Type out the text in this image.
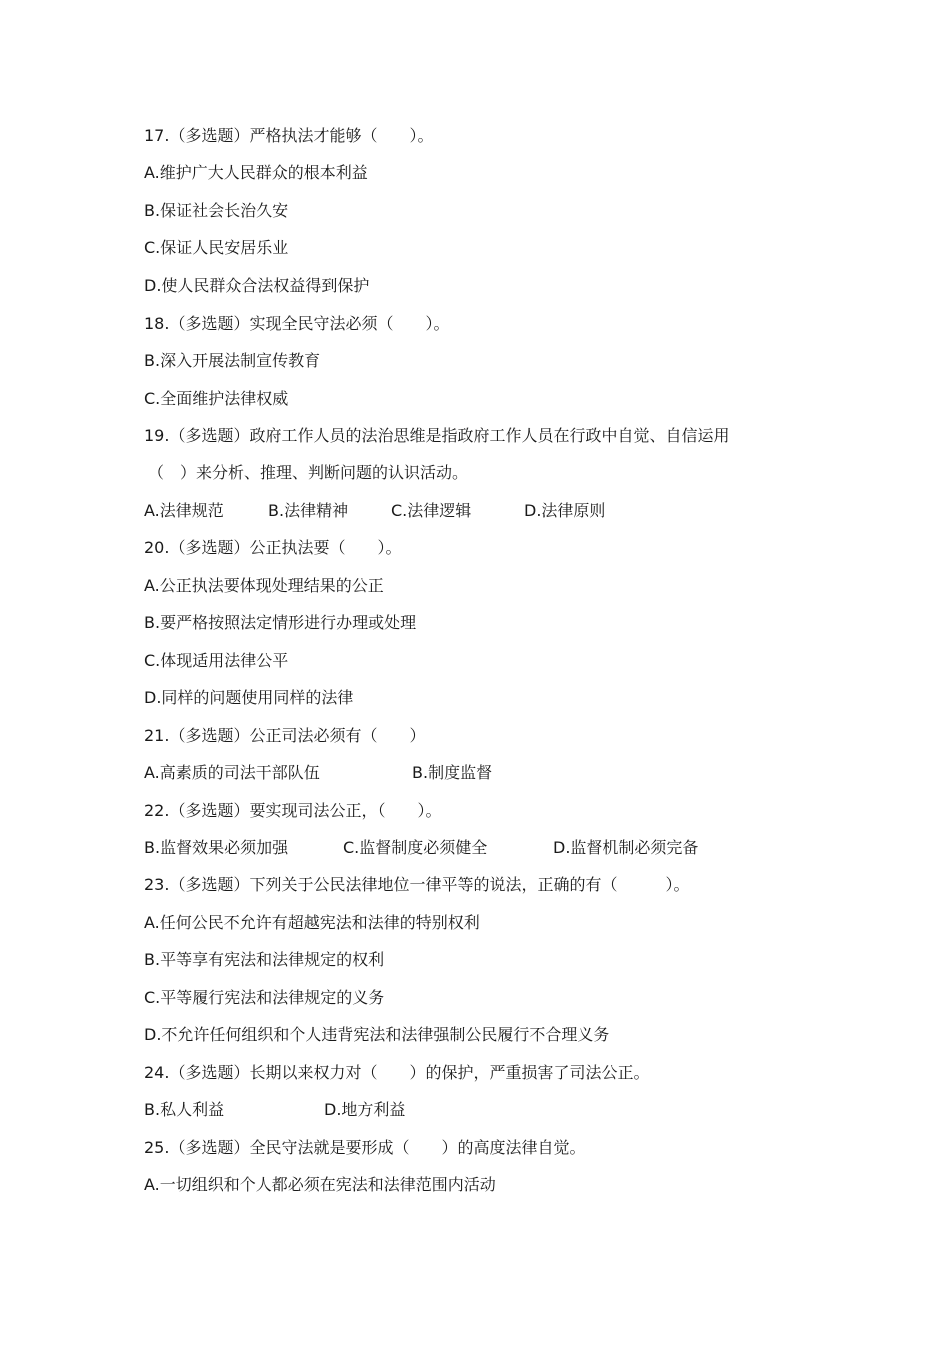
17.（多选题）严格执法才能够（　　）。
A.维护广大人民群众的根本利益
B.保证社会长治久安
C.保证人民安居乐业
D.使人民群众合法权益得到保护
18.（多选题）实现全民守法必须（　　）。
B.深入开展法制宣传教育
C.全面维护法律权威
19.（多选题）政府工作人员的法治思维是指政府工作人员在行政中自觉、自信运用
（　）来分析、推理、判断问题的认识活动。
A.法律规范	B.法律精神	C.法律逻辑	D.法律原则
20.（多选题）公正执法要（　　）。
A.公正执法要体现处理结果的公正
B.要严格按照法定情形进行办理或处理
C.体现适用法律公平
D.同样的问题使用同样的法律
21.（多选题）公正司法必须有（　　）
A.高素质的司法干部队伍	B.制度监督
22.（多选题）要实现司法公正，（　　）。
B.监督效果必须加强	C.监督制度必须健全	D.监督机制必须完备
23.（多选题）下列关于公民法律地位一律平等的说法，正确的有（　　　）。
A.任何公民不允许有超越宪法和法律的特别权利
B.平等享有宪法和法律规定的权利
C.平等履行宪法和法律规定的义务
D.不允许任何组织和个人违背宪法和法律强制公民履行不合理义务
24.（多选题）长期以来权力对（　　）的保护，严重损害了司法公正。
B.私人利益	D.地方利益
25.（多选题）全民守法就是要形成（　　）的高度法律自觉。
A.一切组织和个人都必须在宪法和法律范围内活动
